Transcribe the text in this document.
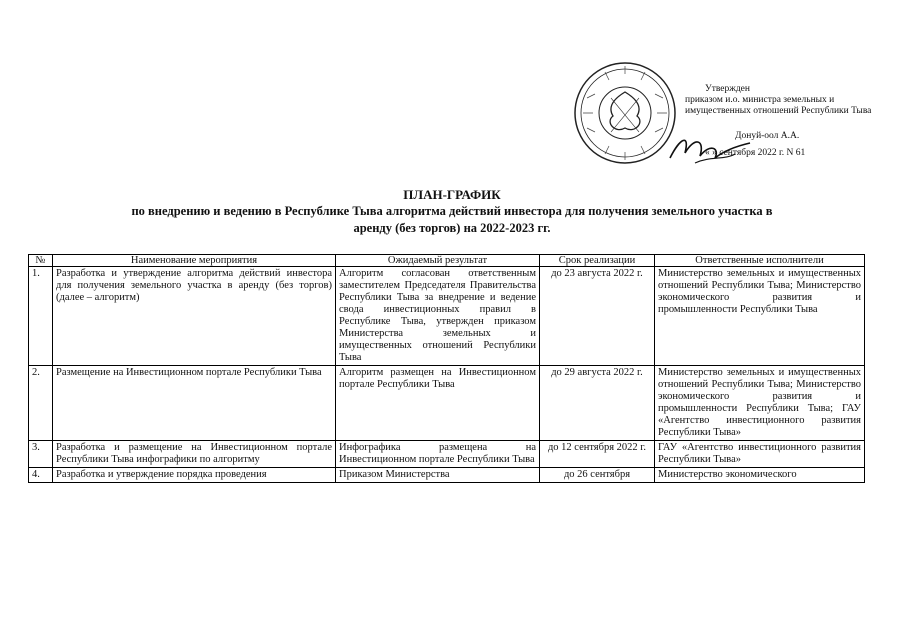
Утвержден
приказом и.о. министра земельных и
имущественных отношений Республики Тыва
Донуй-оол А.А.
« » сентября 2022 г. N 61
ПЛАН-ГРАФИК
по внедрению и ведению в Республике Тыва алгоритма действий инвестора для получения земельного участка в
аренду (без торгов) на 2022-2023 гг.
№	Наименование мероприятия	Ожидаемый результат	Срок реализации	Ответственные исполнители
1.	Разработка и утверждение алгоритма действий инвестора для получения земельного участка в аренду (без торгов) (далее – алгоритм)	Алгоритм согласован ответственным заместителем Председателя Правительства Республики Тыва за внедрение и ведение свода инвестиционных правил в Республике Тыва, утвержден приказом Министерства земельных и имущественных отношений Республики Тыва	до 23 августа 2022 г.	Министерство земельных и имущественных отношений Республики Тыва; Министерство экономического развития и промышленности Республики Тыва
2.	Размещение на Инвестиционном портале Республики Тыва	Алгоритм размещен на Инвестиционном портале Республики Тыва	до 29 августа 2022 г.	Министерство земельных и имущественных отношений Республики Тыва; Министерство экономического развития и промышленности Республики Тыва; ГАУ «Агентство инвестиционного развития Республики Тыва»
3.	Разработка и размещение на Инвестиционном портале Республики Тыва инфографики по алгоритму	Инфографика размещена на Инвестиционном портале Республики Тыва	до 12 сентября 2022 г.	ГАУ «Агентство инвестиционного развития Республики Тыва»
4.	Разработка и утверждение порядка проведения	Приказом Министерства	до 26 сентября	Министерство экономического
